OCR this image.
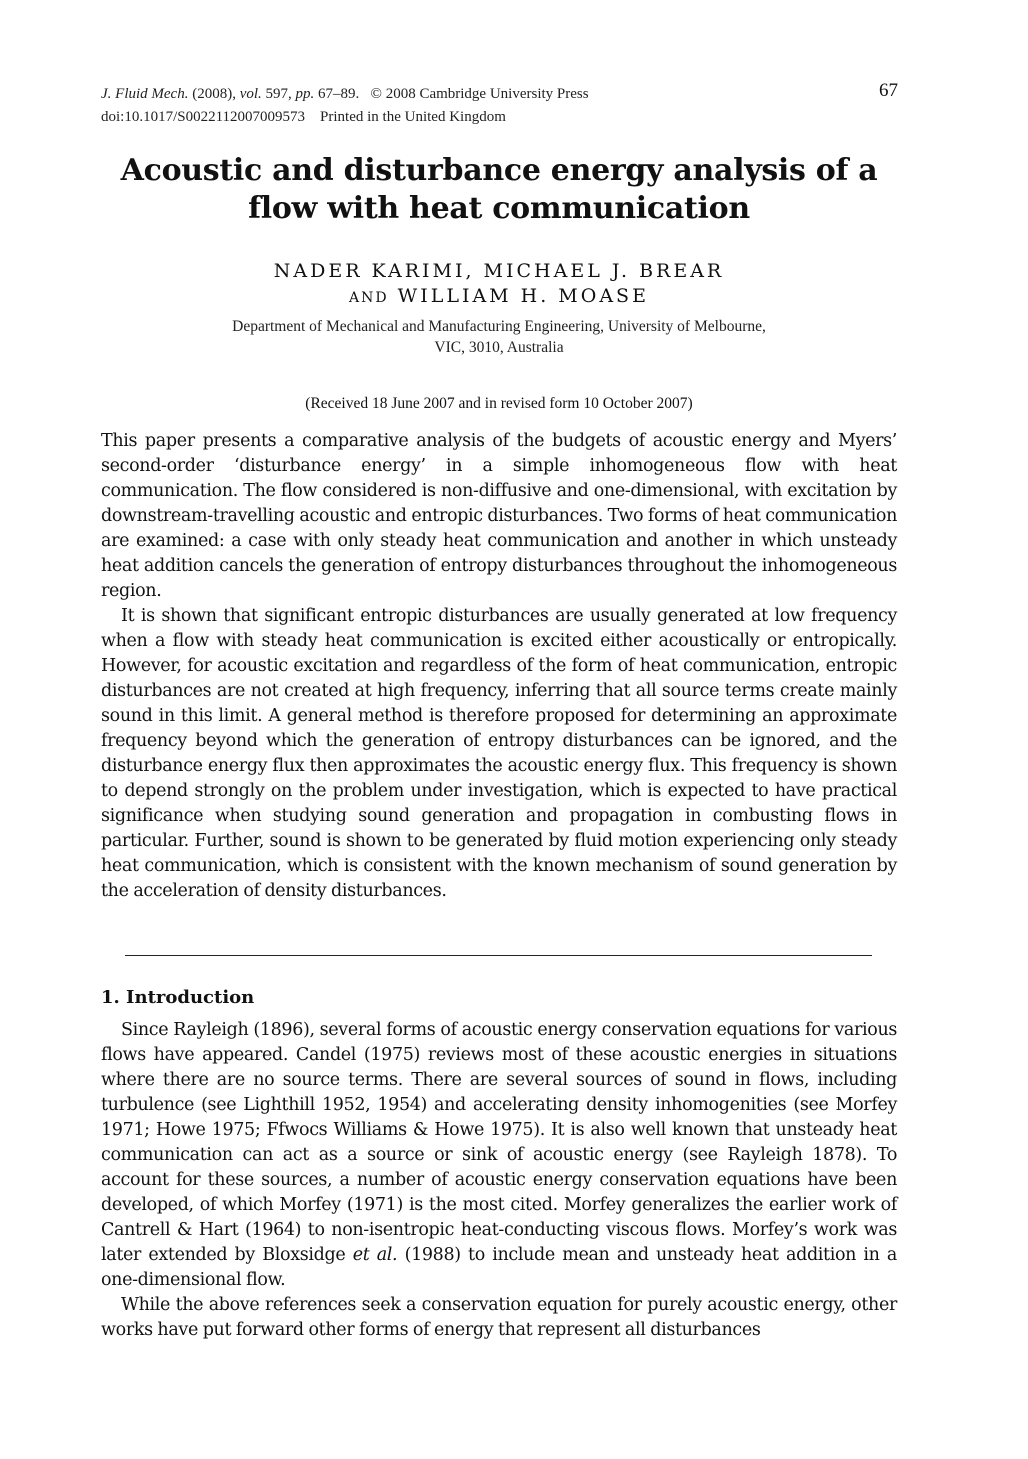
J. Fluid Mech. (2008), vol. 597, pp. 67–89. © 2008 Cambridge University Press
doi:10.1017/S0022112007009573 Printed in the United Kingdom
67
Acoustic and disturbance energy analysis of a
flow with heat communication
NADER KARIMI, MICHAEL J. BREAR
AND WILLIAM H. MOASE
Department of Mechanical and Manufacturing Engineering, University of Melbourne,
VIC, 3010, Australia
(Received 18 June 2007 and in revised form 10 October 2007)

This paper presents a comparative analysis of the budgets of acoustic energy and Myers’ second-order ‘disturbance energy’ in a simple inhomogeneous flow with heat communication. The flow considered is non-diffusive and one-dimensional, with excitation by downstream-travelling acoustic and entropic disturbances. Two forms of heat communication are examined: a case with only steady heat communication and another in which unsteady heat addition cancels the generation of entropy disturbances throughout the inhomogeneous region.

It is shown that significant entropic disturbances are usually generated at low frequency when a flow with steady heat communication is excited either acoustically or entropically. However, for acoustic excitation and regardless of the form of heat communication, entropic disturbances are not created at high frequency, inferring that all source terms create mainly sound in this limit. A general method is therefore proposed for determining an approximate frequency beyond which the generation of entropy disturbances can be ignored, and the disturbance energy flux then approximates the acoustic energy flux. This frequency is shown to depend strongly on the problem under investigation, which is expected to have practical significance when studying sound generation and propagation in combusting flows in particular. Further, sound is shown to be generated by fluid motion experiencing only steady heat communication, which is consistent with the known mechanism of sound generation by the acceleration of density disturbances.

1. Introduction

Since Rayleigh (1896), several forms of acoustic energy conservation equations for various flows have appeared. Candel (1975) reviews most of these acoustic energies in situations where there are no source terms. There are several sources of sound in flows, including turbulence (see Lighthill 1952, 1954) and accelerating density inhomogenities (see Morfey 1971; Howe 1975; Ffwocs Williams & Howe 1975). It is also well known that unsteady heat communication can act as a source or sink of acoustic energy (see Rayleigh 1878). To account for these sources, a number of acoustic energy conservation equations have been developed, of which Morfey (1971) is the most cited. Morfey generalizes the earlier work of Cantrell & Hart (1964) to non-isentropic heat-conducting viscous flows. Morfey’s work was later extended by Bloxsidge et al. (1988) to include mean and unsteady heat addition in a one-dimensional flow.

While the above references seek a conservation equation for purely acoustic energy, other works have put forward other forms of energy that represent all disturbances
